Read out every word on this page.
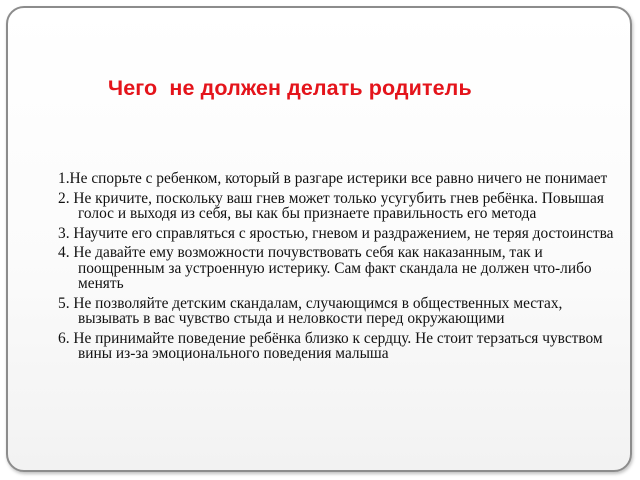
Чего  не должен делать родитель
1.Не спорьте с ребенком, который в разгаре истерики все равно ничего не понимает
2. Не кричите, поскольку ваш гнев может только усугубить гнев ребёнка. Повышая голос и выходя из себя, вы как бы признаете правильность его метода
3. Научите его справляться с яростью, гневом и раздражением, не теряя достоинства
4. Не давайте ему возможности почувствовать себя как наказанным, так и поощренным за устроенную истерику. Сам факт скандала не должен что-либо менять
5. Не позволяйте детским скандалам, случающимся в общественных местах, вызывать в вас чувство стыда и неловкости перед окружающими
6. Не принимайте поведение ребёнка близко к сердцу. Не стоит терзаться чувством вины из-за эмоционального поведения малыша
